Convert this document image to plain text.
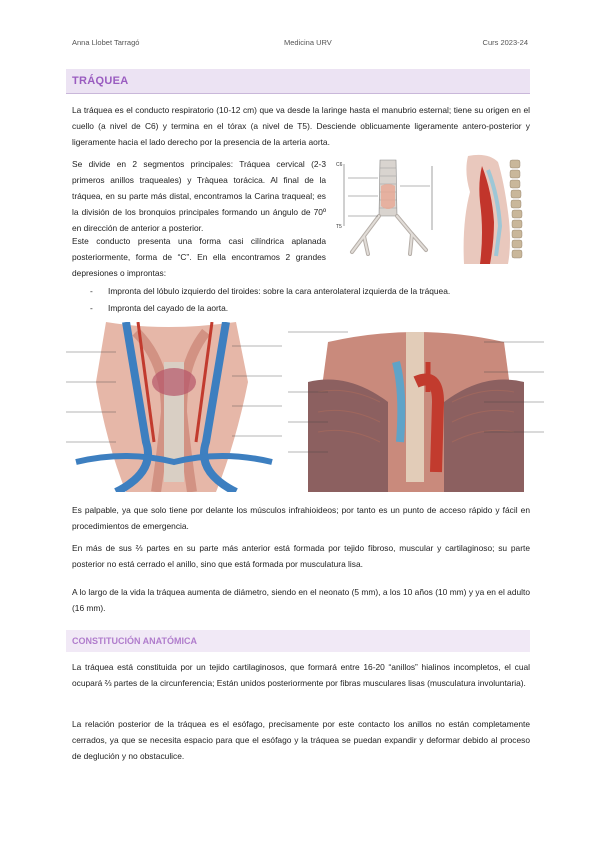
Anna Llobet Tarragó	Medicina URV	Curs 2023-24
TRÁQUEA
La tráquea es el conducto respiratorio (10-12 cm) que va desde la laringe hasta el manubrio esternal; tiene su origen en el cuello (a nivel de C6) y termina en el tórax (a nivel de T5). Desciende oblicuamente ligeramente antero-posterior y ligeramente hacia el lado derecho por la presencia de la arteria aorta.
Se divide en 2 segmentos principales: Tráquea cervical (2-3 primeros anillos traqueales) y Tràquea torácica. Al final de la tráquea, en su parte más distal, encontramos la Carina traqueal; es la división de los bronquios principales formando un ángulo de 70º en dirección de anterior a posterior.
Este conducto presenta una forma casi cilíndrica aplanada posteriormente, forma de “C”. En ella encontramos 2 grandes depresiones o improntas:
C6
T5
- Impronta del lóbulo izquierdo del tiroides: sobre la cara anterolateral izquierda de la tráquea.
- Impronta del cayado de la aorta.
Es palpable, ya que solo tiene por delante los músculos infrahioideos; por tanto es un punto de acceso rápido y fácil en procedimientos de emergencia.
En más de sus ⅔ partes en su parte más anterior está formada por tejido fibroso, muscular y cartilaginoso; su parte posterior no está cerrado el anillo, sino que está formada por musculatura lisa.
A lo largo de la vida la tráquea aumenta de diámetro, siendo en el neonato (5 mm), a los 10 años (10 mm) y ya en el adulto (16 mm).
CONSTITUCIÓN ANATÓMICA
La tráquea está constituida por un tejido cartilaginosos, que formará entre 16-20 “anillos” hialinos incompletos, el cual ocupará ⅔ partes de la circunferencia; Están unidos posteriormente por fibras musculares lisas (musculatura involuntaria).
La relación posterior de la tráquea es el esófago, precisamente por este contacto los anillos no están completamente cerrados, ya que se necesita espacio para que el esófago y la tráquea se puedan expandir y deformar debido al proceso de deglución y no obstaculice.
